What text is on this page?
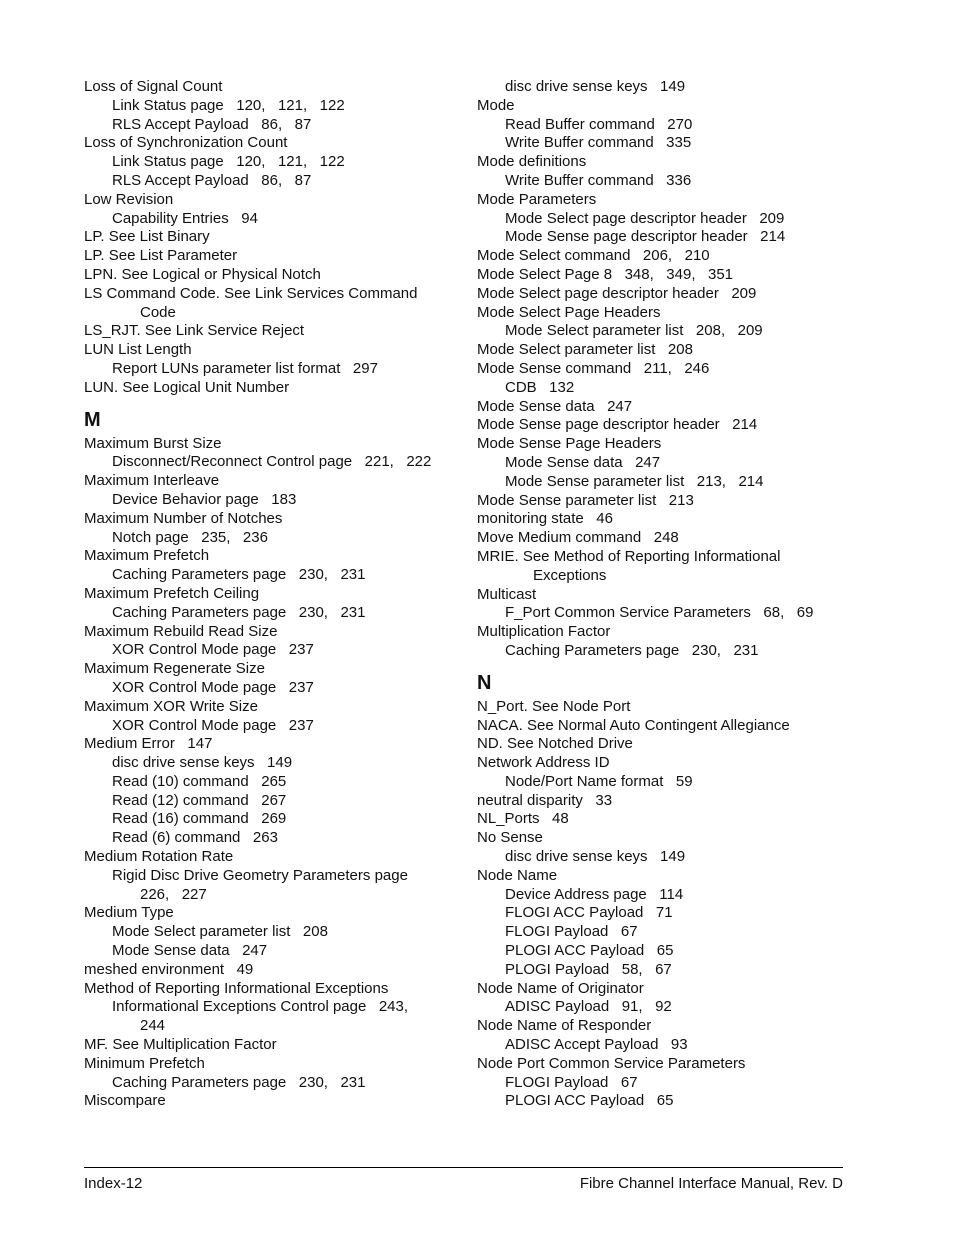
Loss of Signal Count
Link Status page   120,   121,   122
RLS Accept Payload   86,   87
Loss of Synchronization Count
Link Status page   120,   121,   122
RLS Accept Payload   86,   87
Low Revision
Capability Entries   94
LP. See List Binary
LP. See List Parameter
LPN. See Logical or Physical Notch
LS Command Code. See Link Services Command
Code
LS_RJT. See Link Service Reject
LUN List Length
Report LUNs parameter list format   297
LUN. See Logical Unit Number
M
Maximum Burst Size
Disconnect/Reconnect Control page   221,   222
Maximum Interleave
Device Behavior page   183
Maximum Number of Notches
Notch page   235,   236
Maximum Prefetch
Caching Parameters page   230,   231
Maximum Prefetch Ceiling
Caching Parameters page   230,   231
Maximum Rebuild Read Size
XOR Control Mode page   237
Maximum Regenerate Size
XOR Control Mode page   237
Maximum XOR Write Size
XOR Control Mode page   237
Medium Error   147
disc drive sense keys   149
Read (10) command   265
Read (12) command   267
Read (16) command   269
Read (6) command   263
Medium Rotation Rate
Rigid Disc Drive Geometry Parameters page
226,   227
Medium Type
Mode Select parameter list   208
Mode Sense data   247
meshed environment   49
Method of Reporting Informational Exceptions
Informational Exceptions Control page   243,
244
MF. See Multiplication Factor
Minimum Prefetch
Caching Parameters page   230,   231
Miscompare
disc drive sense keys   149
Mode
Read Buffer command   270
Write Buffer command   335
Mode definitions
Write Buffer command   336
Mode Parameters
Mode Select page descriptor header   209
Mode Sense page descriptor header   214
Mode Select command   206,   210
Mode Select Page 8   348,   349,   351
Mode Select page descriptor header   209
Mode Select Page Headers
Mode Select parameter list   208,   209
Mode Select parameter list   208
Mode Sense command   211,   246
CDB   132
Mode Sense data   247
Mode Sense page descriptor header   214
Mode Sense Page Headers
Mode Sense data   247
Mode Sense parameter list   213,   214
Mode Sense parameter list   213
monitoring state   46
Move Medium command   248
MRIE. See Method of Reporting Informational
Exceptions
Multicast
F_Port Common Service Parameters   68,   69
Multiplication Factor
Caching Parameters page   230,   231
N
N_Port. See Node Port
NACA. See Normal Auto Contingent Allegiance
ND. See Notched Drive
Network Address ID
Node/Port Name format   59
neutral disparity   33
NL_Ports   48
No Sense
disc drive sense keys   149
Node Name
Device Address page   114
FLOGI ACC Payload   71
FLOGI Payload   67
PLOGI ACC Payload   65
PLOGI Payload   58,   67
Node Name of Originator
ADISC Payload   91,   92
Node Name of Responder
ADISC Accept Payload   93
Node Port Common Service Parameters
FLOGI Payload   67
PLOGI ACC Payload   65
Index-12	Fibre Channel Interface Manual, Rev. D
